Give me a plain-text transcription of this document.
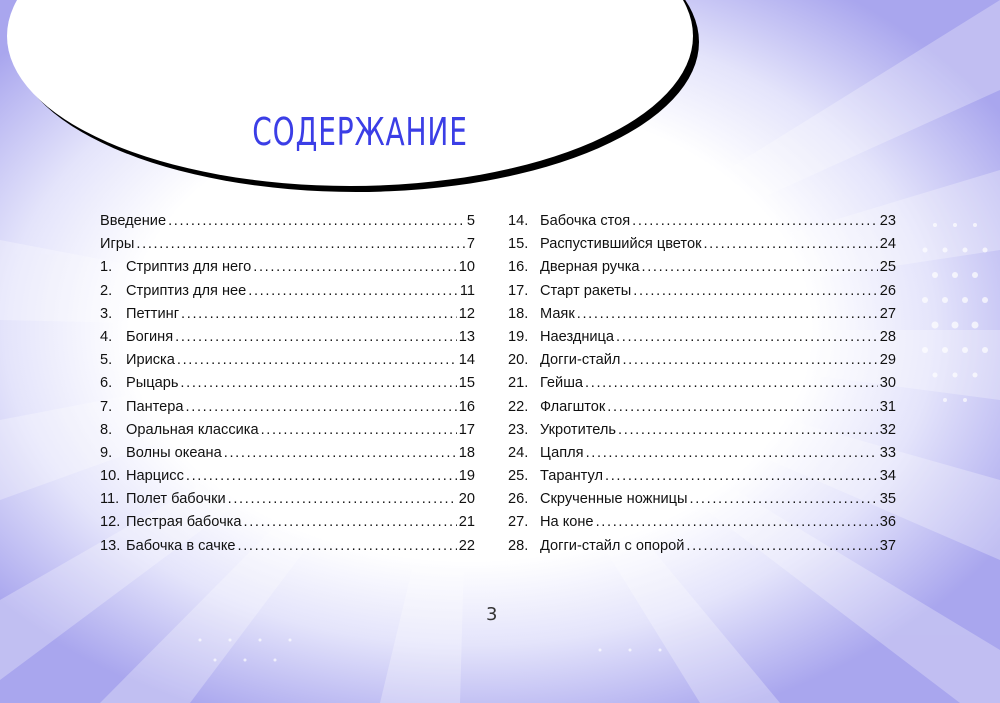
СОДЕРЖАНИЕ
Введение . . .	5
Игры . . .	7
1. Стриптиз для него . . .	10
2. Стриптиз для нее . . .	11
3. Петтинг . . .	12
4. Богиня . . .	13
5. Ириска . . .	14
6. Рыцарь . . .	15
7. Пантера . . .	16
8. Оральная классика . . .	17
9. Волны океана . . .	18
10. Нарцисс . . .	19
11. Полет бабочки . . .	20
12. Пестрая бабочка . . .	21
13. Бабочка в сачке . . .	22
14. Бабочка стоя . . .	23
15. Распустившийся цветок . . .	24
16. Дверная ручка . . .	25
17. Старт ракеты . . .	26
18. Маяк . . .	27
19. Наездница . . .	28
20. Догги-стайл . . .	29
21. Гейша . . .	30
22. Флагшток . . .	31
23. Укротитель . . .	32
24. Цапля . . .	33
25. Тарантул . . .	34
26. Скрученные ножницы . . .	35
27. На коне . . .	36
28. Догги-стайл с опорой . . .	37
3
